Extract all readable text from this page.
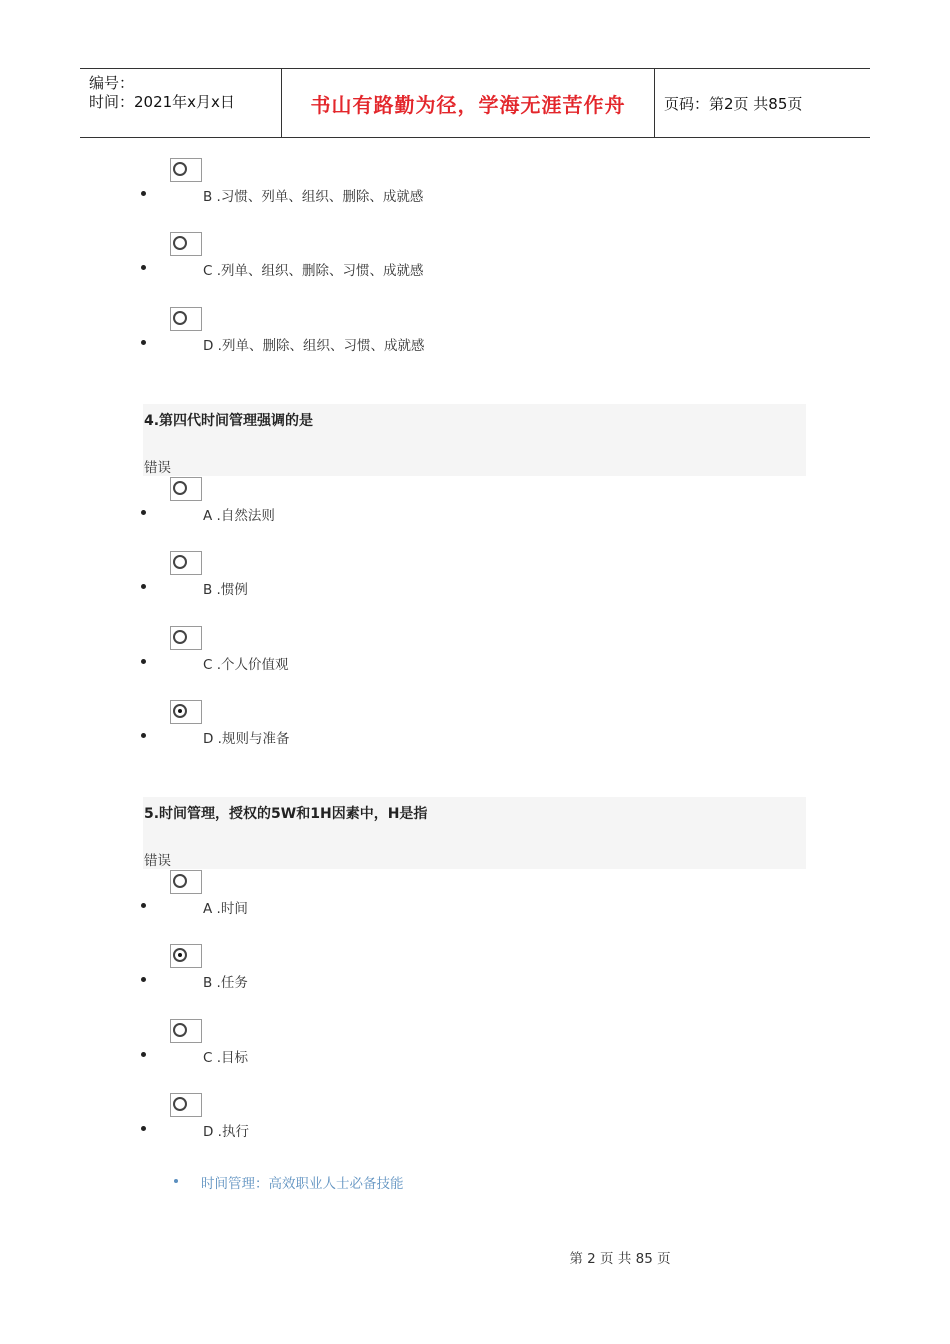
编号：
时间：2021年x月x日	书山有路勤为径，学海无涯苦作舟	页码：第2页 共85页
B .习惯、列单、组织、删除、成就感
C .列单、组织、删除、习惯、成就感
D .列单、删除、组织、习惯、成就感
4.第四代时间管理强调的是
错误
A .自然法则
B .惯例
C .个人价值观
D .规则与准备
5.时间管理，授权的5W和1H因素中，H是指
错误
A .时间
B .任务
C .目标
D .执行
时间管理：高效职业人士必备技能
第 2 页 共 85 页
